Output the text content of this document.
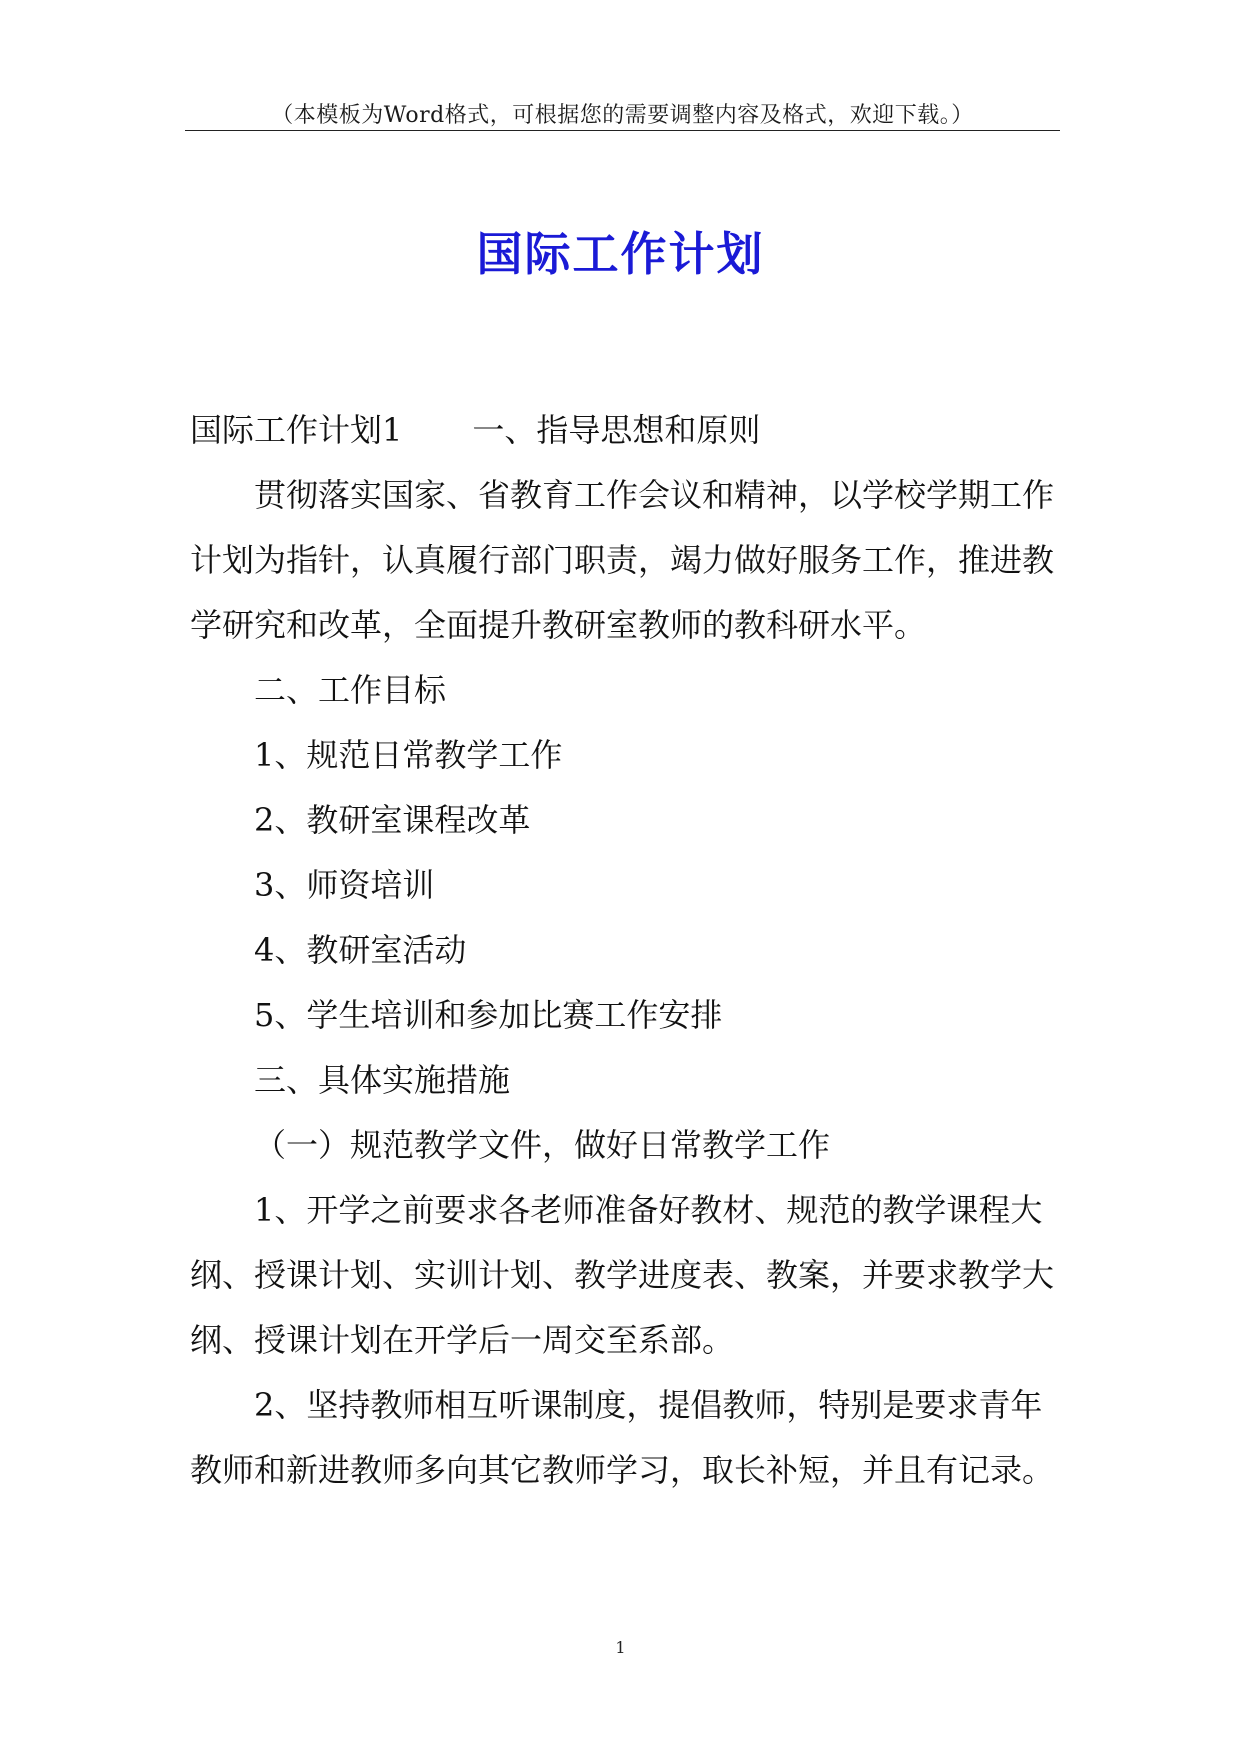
（本模板为Word格式，可根据您的需要调整内容及格式，欢迎下载。）
国际工作计划

国际工作计划1 一、指导思想和原则

贯彻落实国家、省教育工作会议和精神，以学校学期工作计划为指针，认真履行部门职责，竭力做好服务工作，推进教学研究和改革，全面提升教研室教师的教科研水平。

二、工作目标

1、规范日常教学工作

2、教研室课程改革

3、师资培训

4、教研室活动

5、学生培训和参加比赛工作安排

三、具体实施措施

（一）规范教学文件，做好日常教学工作

1、开学之前要求各老师准备好教材、规范的教学课程大纲、授课计划、实训计划、教学进度表、教案，并要求教学大纲、授课计划在开学后一周交至系部。

2、坚持教师相互听课制度，提倡教师，特别是要求青年教师和新进教师多向其它教师学习，取长补短，并且有记录。

1
